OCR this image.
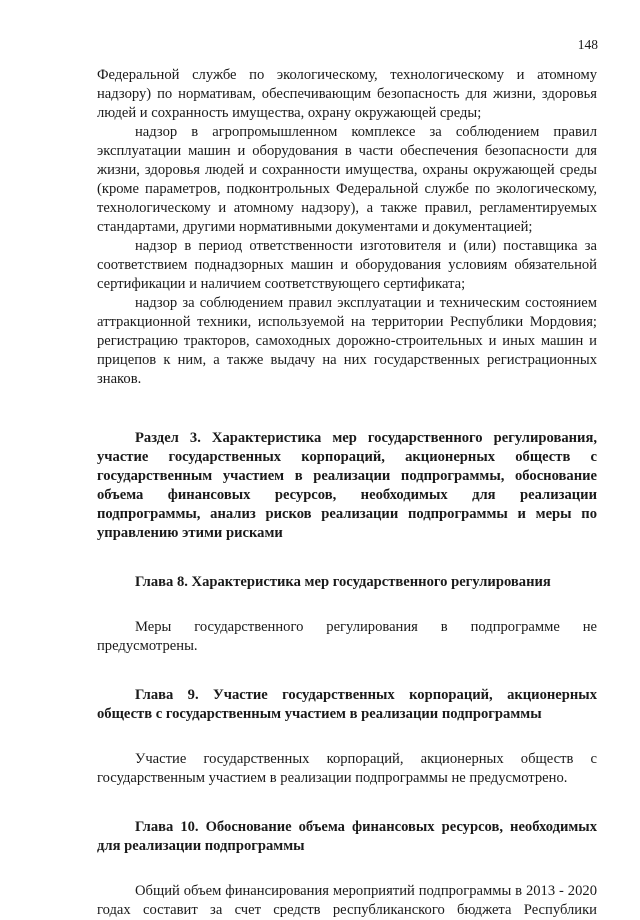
148

Федеральной службе по экологическому, технологическому и атомному надзору) по нормативам, обеспечивающим безопасность для жизни, здоровья людей и сохранность имущества, охрану окружающей среды;

надзор в агропромышленном комплексе за соблюдением правил эксплуатации машин и оборудования в части обеспечения безопасности для жизни, здоровья людей и сохранности имущества, охраны окружающей среды (кроме параметров, подконтрольных Федеральной службе по экологическому, технологическому и атомному надзору), а также правил, регламентируемых стандартами, другими нормативными документами и документацией;

надзор в период ответственности изготовителя и (или) поставщика за соответствием поднадзорных машин и оборудования условиям обязательной сертификации и наличием соответствующего сертификата;

надзор за соблюдением правил эксплуатации и техническим состоянием аттракционной техники, используемой на территории Республики Мордовия; регистрацию тракторов, самоходных дорожно-строительных и иных машин и прицепов к ним, а также выдачу на них государственных регистрационных знаков.

Раздел 3. Характеристика мер государственного регулирования, участие государственных корпораций, акционерных обществ с государственным участием в реализации подпрограммы, обоснование объема финансовых ресурсов, необходимых для реализации подпрограммы, анализ рисков реализации подпрограммы и меры по управлению этими рисками

Глава 8. Характеристика мер государственного регулирования

Меры государственного регулирования в подпрограмме не предусмотрены.

Глава 9. Участие государственных корпораций, акционерных обществ с государственным участием в реализации подпрограммы

Участие государственных корпораций, акционерных обществ с государственным участием в реализации подпрограммы не предусмотрено.

Глава 10. Обоснование объема финансовых ресурсов, необходимых для реализации подпрограммы

Общий объем финансирования мероприятий подпрограммы в 2013 - 2020 годах составит за счет средств республиканского бюджета Республики
